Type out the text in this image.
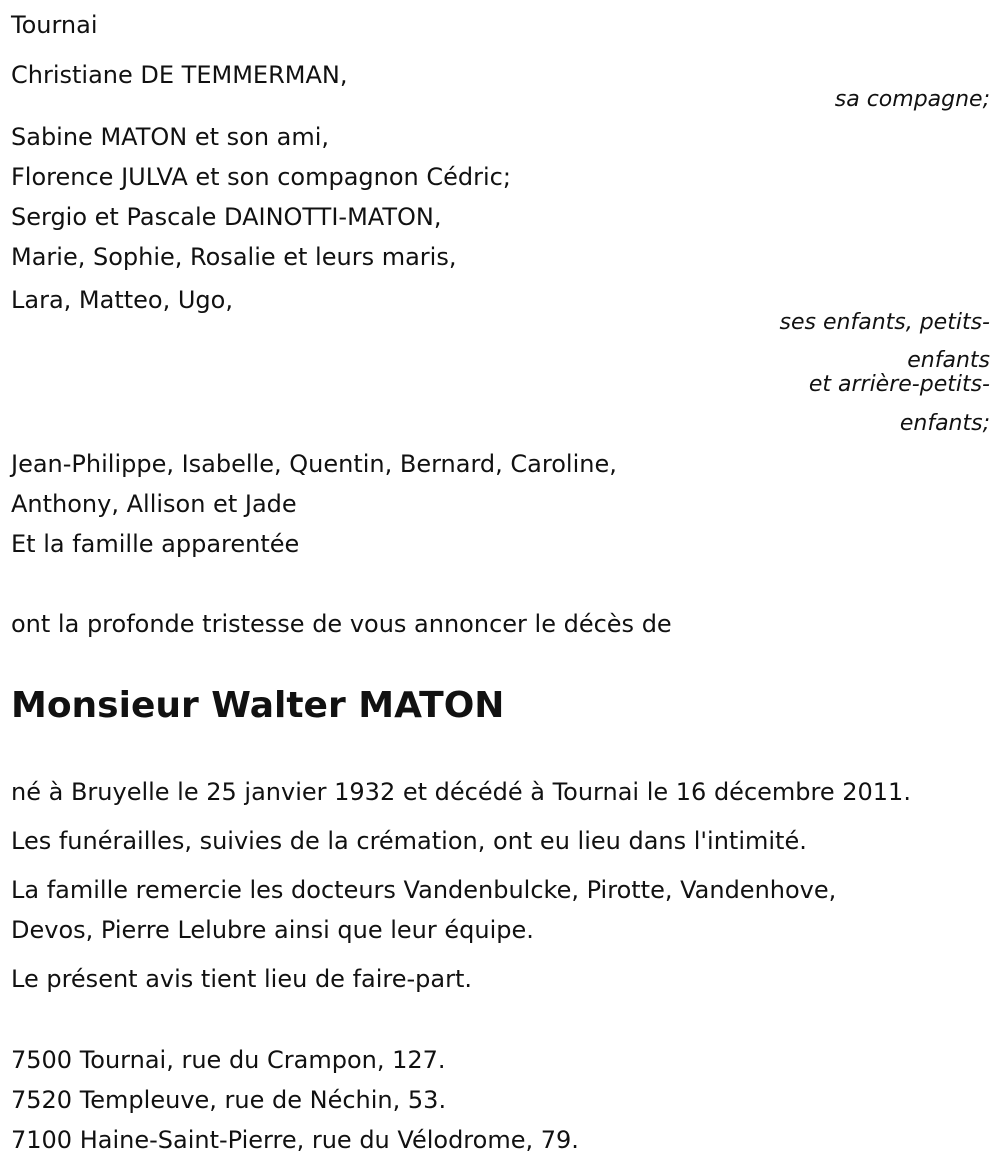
Tournai

Christiane DE TEMMERMAN,

sa compagne;

Sabine MATON et son ami,

Florence JULVA et son compagnon Cédric;

Sergio et Pascale DAINOTTI-MATON,

Marie, Sophie, Rosalie et leurs maris,

Lara, Matteo, Ugo,

ses enfants, petits-

enfants

et arrière-petits-

enfants;

Jean-Philippe, Isabelle, Quentin, Bernard, Caroline,

Anthony, Allison et Jade

Et la famille apparentée

ont la profonde tristesse de vous annoncer le décès de

Monsieur Walter MATON

né à Bruyelle le 25 janvier 1932 et décédé à Tournai le 16 décembre 2011.

Les funérailles, suivies de la crémation, ont eu lieu dans l'intimité.

La famille remercie les docteurs Vandenbulcke, Pirotte, Vandenhove,

Devos, Pierre Lelubre ainsi que leur équipe.

Le présent avis tient lieu de faire-part.

7500 Tournai, rue du Crampon, 127.

7520 Templeuve, rue de Néchin, 53.

7100 Haine-Saint-Pierre, rue du Vélodrome, 79.
